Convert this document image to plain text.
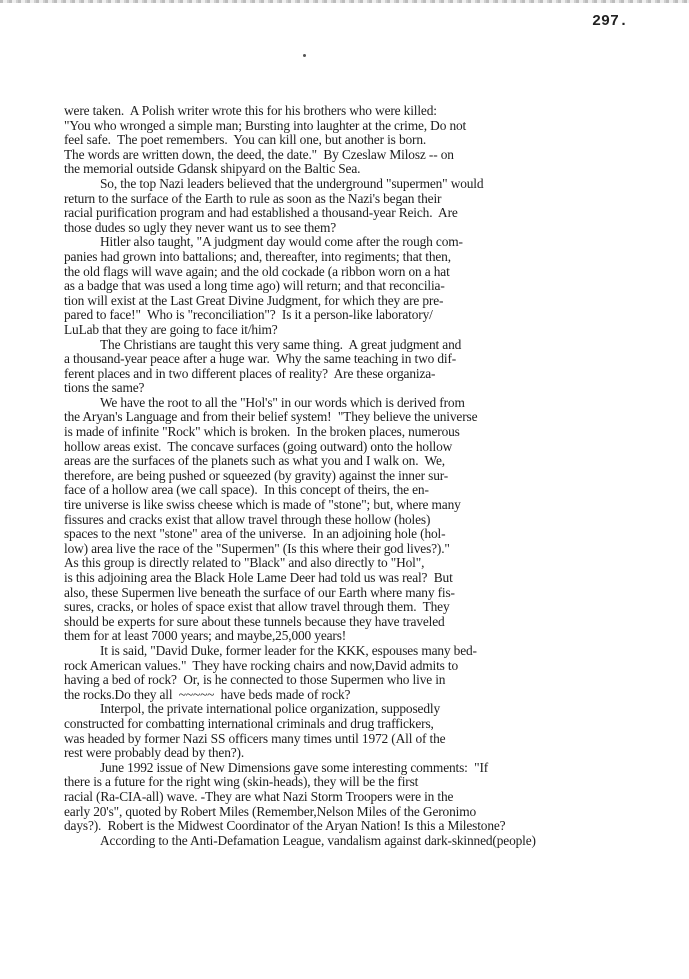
297.
were taken.  A Polish writer wrote this for his brothers who were killed:
"You who wronged a simple man; Bursting into laughter at the crime, Do not
feel safe.  The poet remembers.  You can kill one, but another is born.
The words are written down, the deed, the date."  By Czeslaw Milosz -- on
the memorial outside Gdansk shipyard on the Baltic Sea.
So, the top Nazi leaders believed that the underground "supermen" would
return to the surface of the Earth to rule as soon as the Nazi's began their
racial purification program and had established a thousand-year Reich.  Are
those dudes so ugly they never want us to see them?
Hitler also taught, "A judgment day would come after the rough com-
panies had grown into battalions; and, thereafter, into regiments; that then,
the old flags will wave again; and the old cockade (a ribbon worn on a hat
as a badge that was used a long time ago) will return; and that reconcilia-
tion will exist at the Last Great Divine Judgment, for which they are pre-
pared to face!"  Who is "reconciliation"?  Is it a person-like laboratory/
LuLab that they are going to face it/him?
The Christians are taught this very same thing.  A great judgment and
a thousand-year peace after a huge war.  Why the same teaching in two dif-
ferent places and in two different places of reality?  Are these organiza-
tions the same?
We have the root to all the "Hol's" in our words which is derived from
the Aryan's Language and from their belief system!  "They believe the universe
is made of infinite "Rock" which is broken.  In the broken places, numerous
hollow areas exist.  The concave surfaces (going outward) onto the hollow
areas are the surfaces of the planets such as what you and I walk on.  We,
therefore, are being pushed or squeezed (by gravity) against the inner sur-
face of a hollow area (we call space).  In this concept of theirs, the en-
tire universe is like swiss cheese which is made of "stone"; but, where many
fissures and cracks exist that allow travel through these hollow (holes)
spaces to the next "stone" area of the universe.  In an adjoining hole (hol-
low) area live the race of the "Supermen" (Is this where their god lives?)."
As this group is directly related to "Black" and also directly to "Hol",
is this adjoining area the Black Hole Lame Deer had told us was real?  But
also, these Supermen live beneath the surface of our Earth where many fis-
sures, cracks, or holes of space exist that allow travel through them.  They
should be experts for sure about these tunnels because they have traveled
them for at least 7000 years; and maybe,25,000 years!
It is said, "David Duke, former leader for the KKK, espouses many bed-
rock American values."  They have rocking chairs and now,David admits to
having a bed of rock?  Or, is he connected to those Supermen who live in
the rocks.Do they all  ~~~~~  have beds made of rock?
Interpol, the private international police organization, supposedly
constructed for combatting international criminals and drug traffickers,
was headed by former Nazi SS officers many times until 1972 (All of the
rest were probably dead by then?).
June 1992 issue of New Dimensions gave some interesting comments:  "If
there is a future for the right wing (skin-heads), they will be the first
racial (Ra-CIA-all) wave. -They are what Nazi Storm Troopers were in the
early 20's", quoted by Robert Miles (Remember,Nelson Miles of the Geronimo
days?).  Robert is the Midwest Coordinator of the Aryan Nation! Is this a Milestone?
According to the Anti-Defamation League, vandalism against dark-skinned(people)
